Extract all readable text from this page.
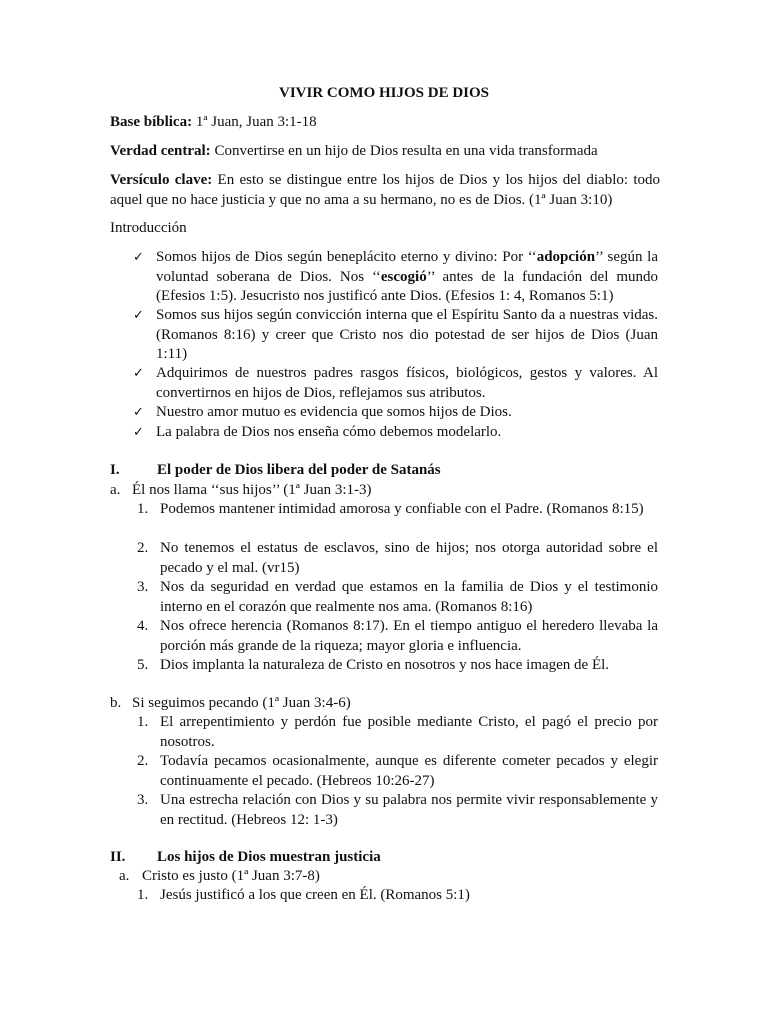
VIVIR COMO HIJOS DE DIOS
Base bíblica: 1ª Juan, Juan 3:1-18
Verdad central: Convertirse en un hijo de Dios resulta en una vida transformada
Versículo clave: En esto se distingue entre los hijos de Dios y los hijos del diablo: todo aquel que no hace justicia y que no ama a su hermano, no es de Dios. (1ª Juan 3:10)
Introducción
✓ Somos hijos de Dios según beneplácito eterno y divino: Por ‘‘adopción’’ según la voluntad soberana de Dios. Nos ‘‘escogió’’ antes de la fundación del mundo (Efesios 1:5). Jesucristo nos justificó ante Dios. (Efesios 1: 4, Romanos 5:1)
✓ Somos sus hijos según convicción interna que el Espíritu Santo da a nuestras vidas. (Romanos 8:16) y creer que Cristo nos dio potestad de ser hijos de Dios (Juan 1:11)
✓ Adquirimos de nuestros padres rasgos físicos, biológicos, gestos y valores. Al convertirnos en hijos de Dios, reflejamos sus atributos.
✓ Nuestro amor mutuo es evidencia que somos hijos de Dios.
✓ La palabra de Dios nos enseña cómo debemos modelarlo.
I. El poder de Dios libera del poder de Satanás
a. Él nos llama ‘‘sus hijos’’ (1ª Juan 3:1-3)
1. Podemos mantener intimidad amorosa y confiable con el Padre. (Romanos 8:15)
2. No tenemos el estatus de esclavos, sino de hijos; nos otorga autoridad sobre el pecado y el mal. (vr15)
3. Nos da seguridad en verdad que estamos en la familia de Dios y el testimonio interno en el corazón que realmente nos ama. (Romanos 8:16)
4. Nos ofrece herencia (Romanos 8:17). En el tiempo antiguo el heredero llevaba la porción más grande de la riqueza; mayor gloria e influencia.
5. Dios implanta la naturaleza de Cristo en nosotros y nos hace imagen de Él.
b. Si seguimos pecando (1ª Juan 3:4-6)
1. El arrepentimiento y perdón fue posible mediante Cristo, el pagó el precio por nosotros.
2. Todavía pecamos ocasionalmente, aunque es diferente cometer pecados y elegir continuamente el pecado. (Hebreos 10:26-27)
3. Una estrecha relación con Dios y su palabra nos permite vivir responsablemente y en rectitud. (Hebreos 12: 1-3)
II. Los hijos de Dios muestran justicia
a. Cristo es justo (1ª Juan 3:7-8)
1. Jesús justificó a los que creen en Él. (Romanos 5:1)
